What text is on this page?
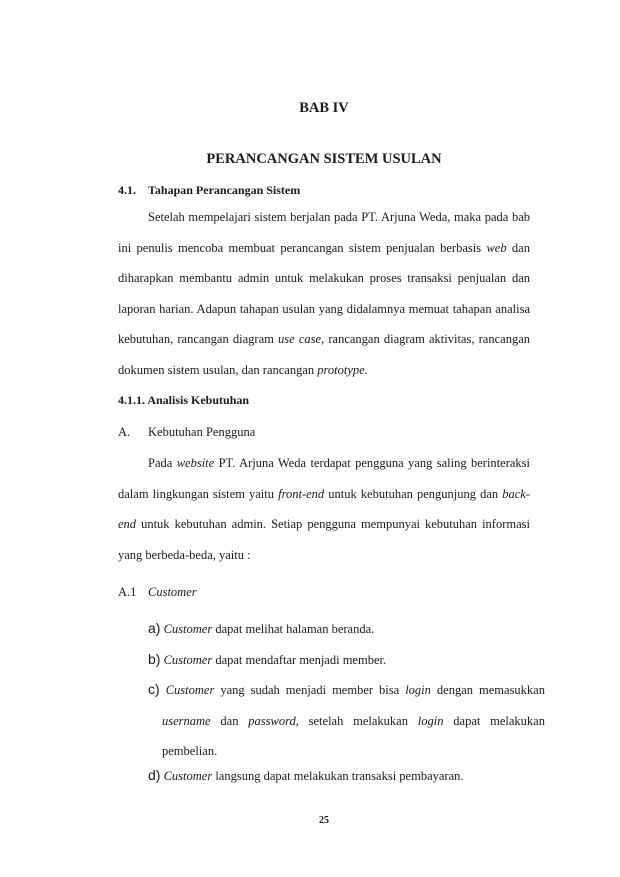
BAB IV
PERANCANGAN SISTEM USULAN
4.1. Tahapan Perancangan Sistem

Setelah mempelajari sistem berjalan pada PT. Arjuna Weda, maka pada bab ini penulis mencoba membuat perancangan sistem penjualan berbasis web dan diharapkan membantu admin untuk melakukan proses transaksi penjualan dan laporan harian. Adapun tahapan usulan yang didalamnya memuat tahapan analisa kebutuhan, rancangan diagram use case, rancangan diagram aktivitas, rancangan dokumen sistem usulan, dan rancangan prototype.

4.1.1. Analisis Kebutuhan

A. Kebutuhan Pengguna

Pada website PT. Arjuna Weda terdapat pengguna yang saling berinteraksi dalam lingkungan sistem yaitu front-end untuk kebutuhan pengunjung dan back-end untuk kebutuhan admin. Setiap pengguna mempunyai kebutuhan informasi yang berbeda-beda, yaitu :

A.1 Customer

a) Customer dapat melihat halaman beranda.

b) Customer dapat mendaftar menjadi member.

c) Customer yang sudah menjadi member bisa login dengan memasukkan username dan password, setelah melakukan login dapat melakukan pembelian.

d) Customer langsung dapat melakukan transaksi pembayaran.

25
